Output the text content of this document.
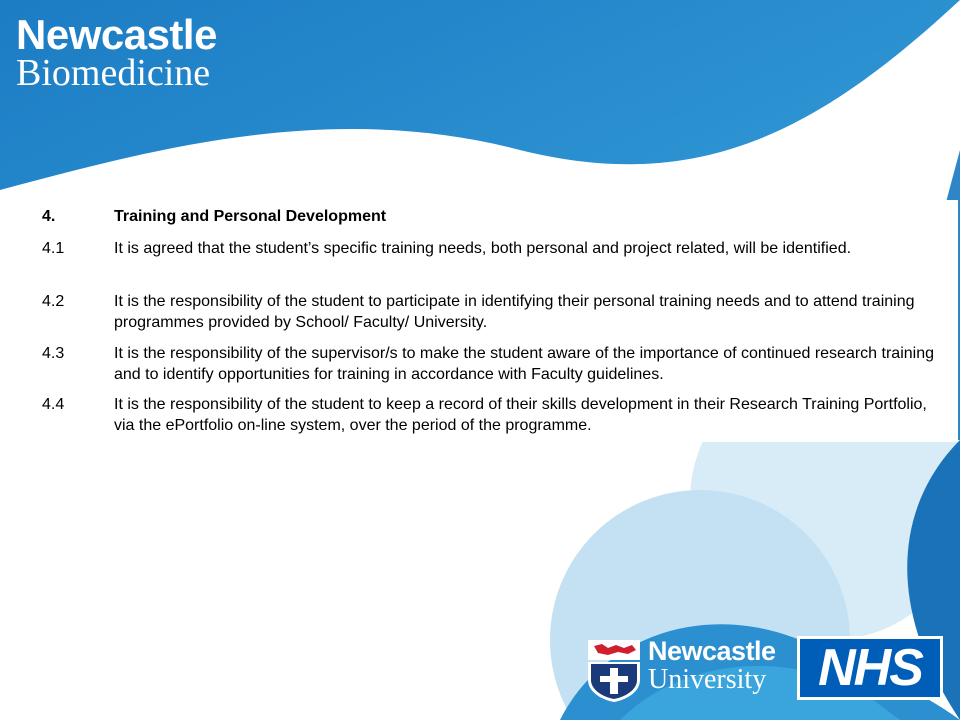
Newcastle
Biomedicine
4.	Training and Personal Development
4.1	It is agreed that the student’s specific training needs, both personal and project related, will be identified.
4.2	It is the responsibility of the student to participate in identifying their personal training needs and to attend training programmes provided by School/ Faculty/ University.
4.3	It is the responsibility of the supervisor/s to make the student aware of the importance of continued research training and to identify opportunities for training in accordance with Faculty guidelines.
4.4	It is the responsibility of the student to keep a record of their skills development in their Research Training Portfolio, via the ePortfolio on-line system, over the period of the programme.
Newcastle
University NHS
